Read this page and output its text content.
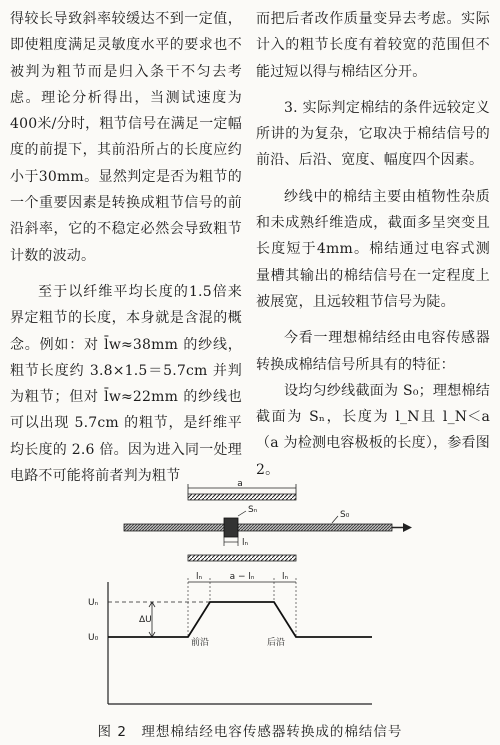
得较长导致斜率较缓达不到一定值，即使粗度满足灵敏度水平的要求也不被判为粗节而是归入条干不匀去考虑。理论分析得出，当测试速度为400米/分时，粗节信号在满足一定幅度的前提下，其前沿所占的长度应约小于30mm。显然判定是否为粗节的一个重要因素是转换成粗节信号的前沿斜率，它的不稳定必然会导致粗节计数的波动。

至于以纤维平均长度的1.5倍来界定粗节的长度，本身就是含混的概念。例如：对 l̄w≈38mm 的纱线，粗节长度约 3.8×1.5＝5.7cm 并判为粗节；但对 l̄w≈22mm 的纱线也可以出现 5.7cm 的粗节，是纤维平均长度的 2.6 倍。因为进入同一处理电路不可能将前者判为粗节

而把后者改作质量变异去考虑。实际计入的粗节长度有着较宽的范围但不能过短以得与棉结区分开。

3. 实际判定棉结的条件远较定义所讲的为复杂，它取决于棉结信号的前沿、后沿、宽度、幅度四个因素。

纱线中的棉结主要由植物性杂质和未成熟纤维造成，截面多呈突变且长度短于4mm。棉结通过电容式测量槽其输出的棉结信号在一定程度上被展宽，且远较粗节信号为陡。

今看一理想棉结经由电容传感器转换成棉结信号所具有的特征：

设均匀纱线截面为 S₀；理想棉结截面为 Sₙ，长度为 l_N且 l_N＜a（a 为检测电容极板的长度），参看图 2。

a
Sₙ	S₀
lₙ
Uₙ
U₀
ΔU
lₙ	a − lₙ	lₙ
前沿	后沿
图 2　理想棉结经电容传感器转换成的棉结信号
